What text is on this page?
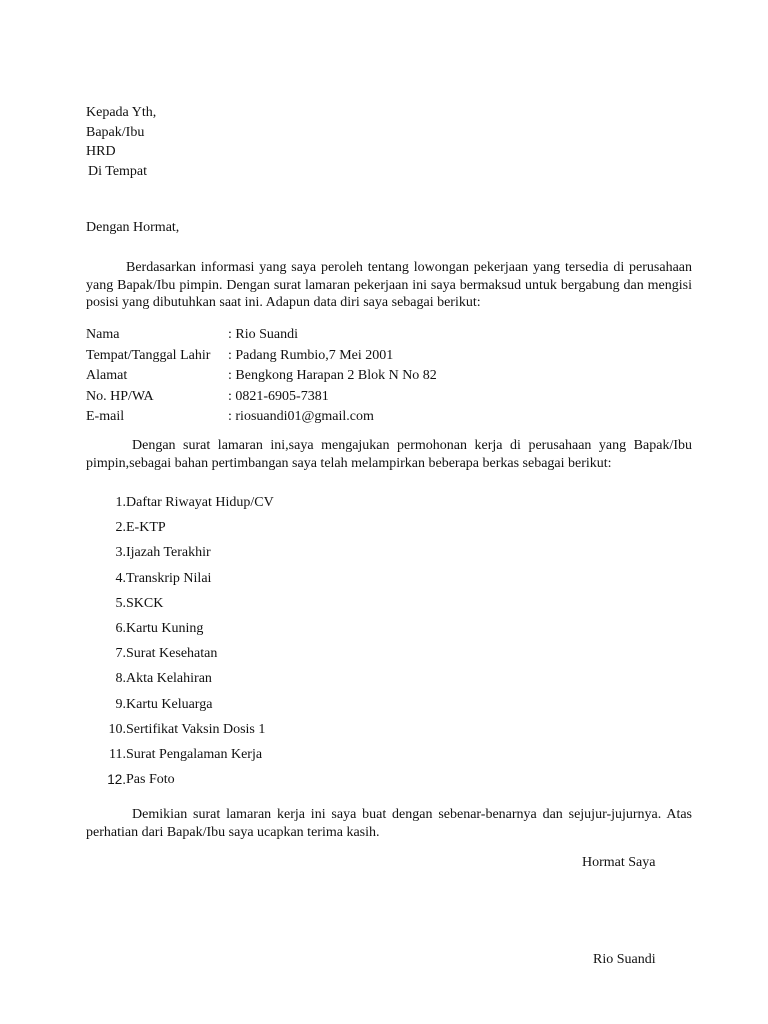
Kepada Yth,
Bapak/Ibu
HRD
Di Tempat
Dengan Hormat,
Berdasarkan informasi yang saya peroleh tentang lowongan pekerjaan yang tersedia di perusahaan yang Bapak/Ibu pimpin. Dengan surat lamaran pekerjaan ini saya bermaksud untuk bergabung dan mengisi posisi yang dibutuhkan saat ini. Adapun data diri saya sebagai berikut:
Nama	: Rio Suandi
Tempat/Tanggal Lahir	: Padang Rumbio,7 Mei 2001
Alamat	: Bengkong Harapan 2 Blok N No 82
No. HP/WA	: 0821-6905-7381
E-mail	: riosuandi01@gmail.com
Dengan surat lamaran ini,saya mengajukan permohonan kerja di perusahaan yang Bapak/Ibu pimpin,sebagai bahan pertimbangan saya telah melampirkan beberapa berkas sebagai berikut:
1. Daftar Riwayat Hidup/CV
2. E-KTP
3. Ijazah Terakhir
4. Transkrip Nilai
5. SKCK
6. Kartu Kuning
7. Surat Kesehatan
8. Akta Kelahiran
9. Kartu Keluarga
10. Sertifikat Vaksin Dosis 1
11. Surat Pengalaman Kerja
12. Pas Foto
Demikian surat lamaran kerja ini saya buat dengan sebenar-benarnya dan sejujur-jujurnya. Atas perhatian dari Bapak/Ibu saya ucapkan terima kasih.
Hormat Saya
Rio Suandi
